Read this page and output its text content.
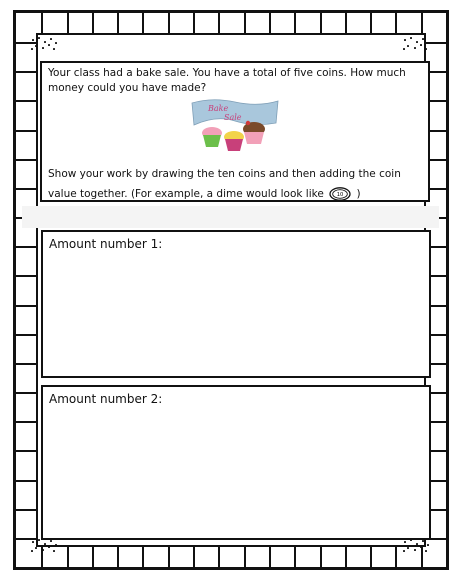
Your class had a bake sale. You have a total of five coins. How much money could you have made?
Bake
Sale
Show your work by drawing the ten coins and then adding the coin value together. (For example, a dime would look like	10 )
Amount number 1:
Amount number 2:
